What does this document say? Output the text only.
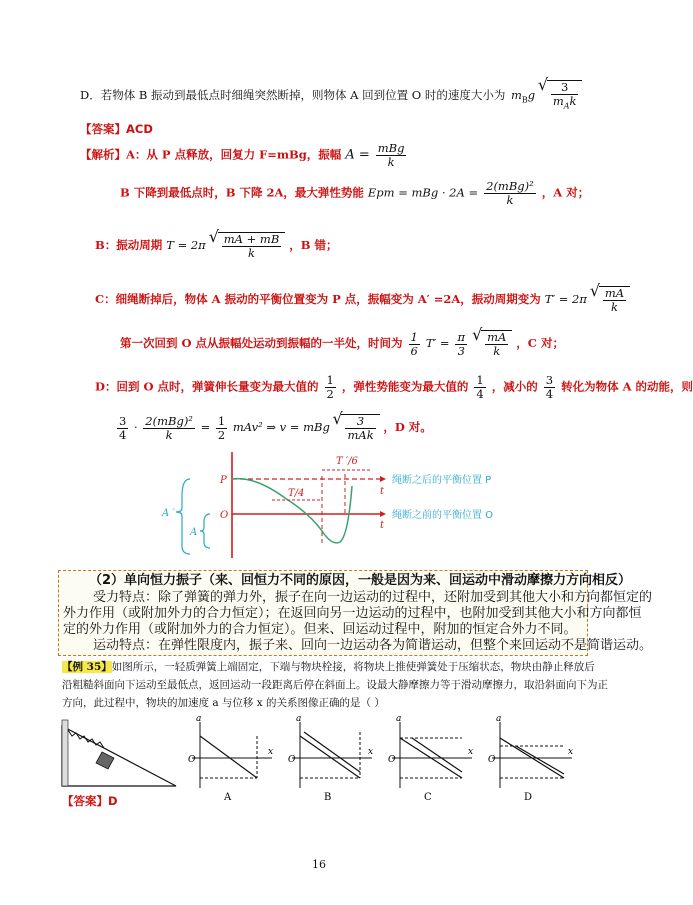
D．若物体 B 振动到最低点时细绳突然断掉，则物体 A 回到位置 O 时的速度大小为 $m_Bg$ √ $\frac{3}{m_Ak}$
【答案】ACD
【解析】A：从 P 点释放，回复力 F=mBg，振幅 $A = \frac{\text{mBg}}{k}$
B 下降到最低点时，B 下降 2A，最大弹性势能 Epm = mBg · $2A = \frac{\text{2(mBg)²}}{k}$ ，A 对；
B：振动周期 T = 2π √ $\frac{mA + mB}{k}$ ，B 错；
C：细绳断掉后，物体 A 振动的平衡位置变为 P 点，振幅变为 A′ =2A，振动周期变为 T′ = 2π √ $\frac{mA}{k}$
第一次回到 O 点从振幅处运动到振幅的一半处，时间为 $\frac{1}{6} T' = \frac{\pi}{3}$
√ $\frac{mA}{k}$ ，C 对；
D：回到 O 点时，弹簧伸长量变为最大值的 $\frac{1}{2}$ ，弹性势能变为最大值的 $\frac{1}{4}$ ，减小的 $\frac{3}{4}$ 转化为物体 A 的动能，则
$\frac{3}{4} \cdot \frac{\text{2(mBg)²}}{k} = \frac{1}{2} mAv^2$ ⇒ v = mBg √ $\frac{3}{\text{mAk}}$ ，D 对。
T ′/6
T/4
P
O
t
t
A ′
A
绳断之后的平衡位置 P
绳断之前的平衡位置 O
（2）单向恒力振子（来、回恒力不同的原因，一般是因为来、回运动中滑动摩擦力方向相反）
受力特点：除了弹簧的弹力外，振子在向一边运动的过程中，还附加受到其他大小和方向都恒定的
外力作用（或附加外力的合力恒定）；在返回向另一边运动的过程中，也附加受到其他大小和方向都恒
定的外力作用（或附加外力的合力恒定）。但来、回运动过程中，附加的恒定合外力不同。
运动特点：在弹性限度内，振子来、回向一边运动各为简谐运动，但整个来回运动不是简谐运动。
【例 35】如图所示，一轻质弹簧上端固定，下端与物块栓接，将物块上推使弹簧处于压缩状态，物块由静止释放后
沿粗糙斜面向下运动至最低点，返回运动一段距离后停在斜面上。设最大静摩擦力等于滑动摩擦力，取沿斜面向下为正
方向，此过程中，物块的加速度 a 与位移 x 的关系图像正确的是（ ）
a
x
O
A
a
x
O
B
a
x
O
C
a
x
O
D
【答案】D
16
